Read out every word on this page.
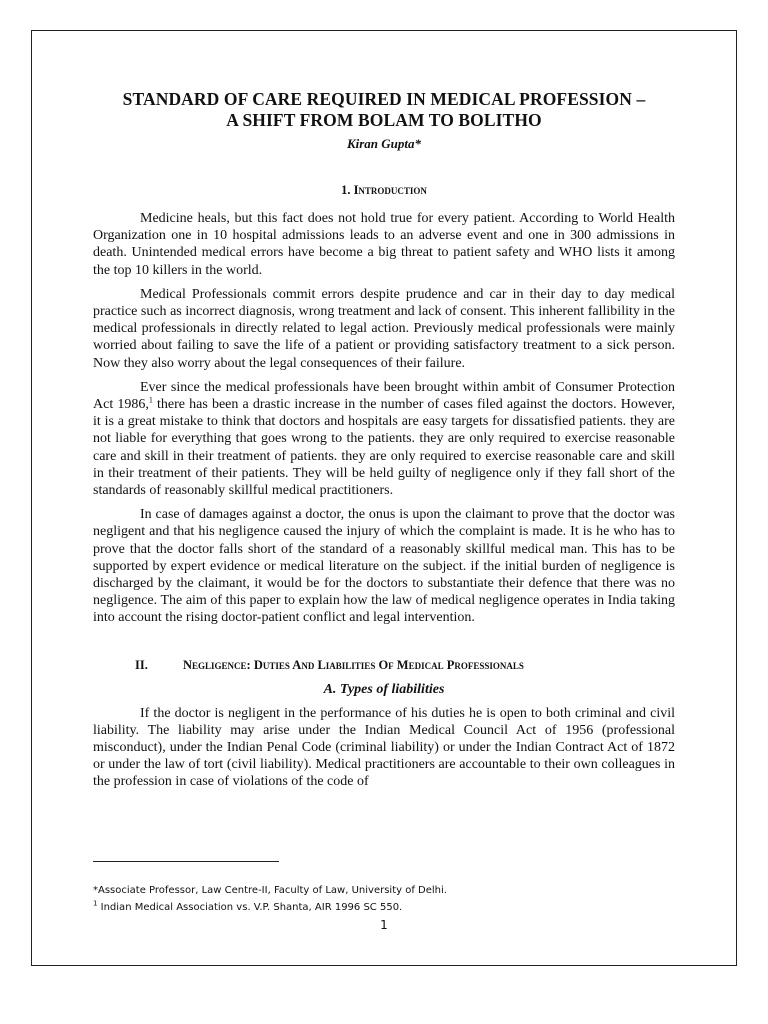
STANDARD OF CARE REQUIRED IN MEDICAL PROFESSION –
A SHIFT FROM BOLAM TO BOLITHO
Kiran Gupta*
1. Introduction

Medicine heals, but this fact does not hold true for every patient. According to World Health Organization one in 10 hospital admissions leads to an adverse event and one in 300 admissions in death. Unintended medical errors have become a big threat to patient safety and WHO lists it among the top 10 killers in the world.

Medical Professionals commit errors despite prudence and car in their day to day medical practice such as incorrect diagnosis, wrong treatment and lack of consent. This inherent fallibility in the medical professionals in directly related to legal action. Previously medical professionals were mainly worried about failing to save the life of a patient or providing satisfactory treatment to a sick person. Now they also worry about the legal consequences of their failure.

Ever since the medical professionals have been brought within ambit of Consumer Protection Act 1986,$^1$ there has been a drastic increase in the number of cases filed against the doctors. However, it is a great mistake to think that doctors and hospitals are easy targets for dissatisfied patients. they are not liable for everything that goes wrong to the patients. they are only required to exercise reasonable care and skill in their treatment of patients. they are only required to exercise reasonable care and skill in their treatment of their patients. They will be held guilty of negligence only if they fall short of the standards of reasonably skillful medical practitioners.

In case of damages against a doctor, the onus is upon the claimant to prove that the doctor was negligent and that his negligence caused the injury of which the complaint is made. It is he who has to prove that the doctor falls short of the standard of a reasonably skillful medical man. This has to be supported by expert evidence or medical literature on the subject. if the initial burden of negligence is discharged by the claimant, it would be for the doctors to substantiate their defence that there was no negligence. The aim of this paper to explain how the law of medical negligence operates in India taking into account the rising doctor-patient conflict and legal intervention.

II.	Negligence: Duties And Liabilities Of Medical Professionals
A. Types of liabilities

If the doctor is negligent in the performance of his duties he is open to both criminal and civil liability. The liability may arise under the Indian Medical Council Act of 1956 (professional misconduct), under the Indian Penal Code (criminal liability) or under the Indian Contract Act of 1872 or under the law of tort (civil liability). Medical practitioners are accountable to their own colleagues in the profession in case of violations of the code of

*Associate Professor, Law Centre-II, Faculty of Law, University of Delhi.
$^1$ Indian Medical Association vs. V.P. Shanta, AIR 1996 SC 550.
1
